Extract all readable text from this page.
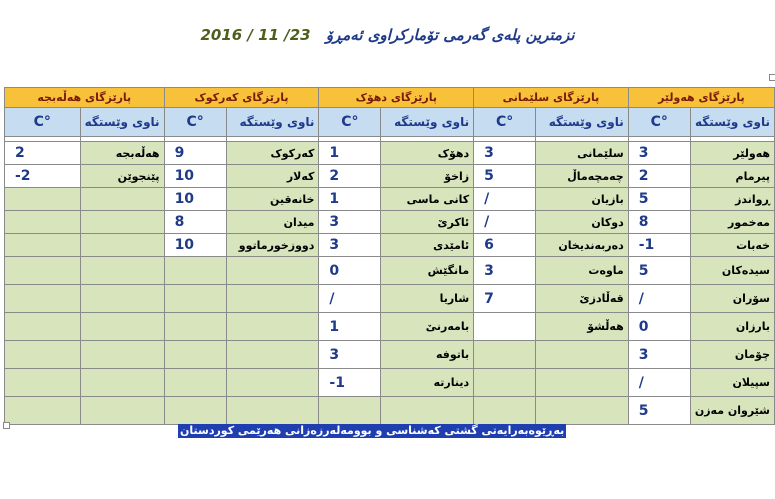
2016 / 11 /23 نزمترین پلەی گەرمی تۆمارکراوی ئەمڕۆ
پارێزگای هەڵەبجە		پارێزگای کەرکوک		پارێزگای دهۆک		پارێزگای سلێمانی		پارێزگای هەولێر	
C°	ناوی وێستگە	C°	ناوی وێستگە	C°	ناوی وێستگە	C°	ناوی وێستگە	C°	ناوی وێستگە

2	هەڵەبجە	9	کەرکوک	1	دهۆک	3	سلێمانی	3	هەولێر
-2	پێنجوێن	10	کەلار	2	زاخۆ	5	چەمچەماڵ	2	پیرمام
		10	خانەقین	1	کانی ماسی	/	بازیان	5	ڕواندز
		8	میدان	3	ئاکرێ	/	دوکان	8	مەخمور
		10	دووزخورماتوو	3	ئامێدی	6	دەربەندیخان	-1	خەبات
				0	مانگێش	3	ماوەت	5	سیدەکان
				/	شاریا	7	قەڵادزێ	/	سۆران
				1	بامەرنێ		هەڵشۆ	0	بارزان
				3	باتوفە			3	چۆمان
				-1	دینارتە			/	سپیلان
								5	شێروان مەزن
بەڕێوەبەرایەتی گشتی کەشناسی و بوومەلەرزەزانی هەرێمی کوردستان
